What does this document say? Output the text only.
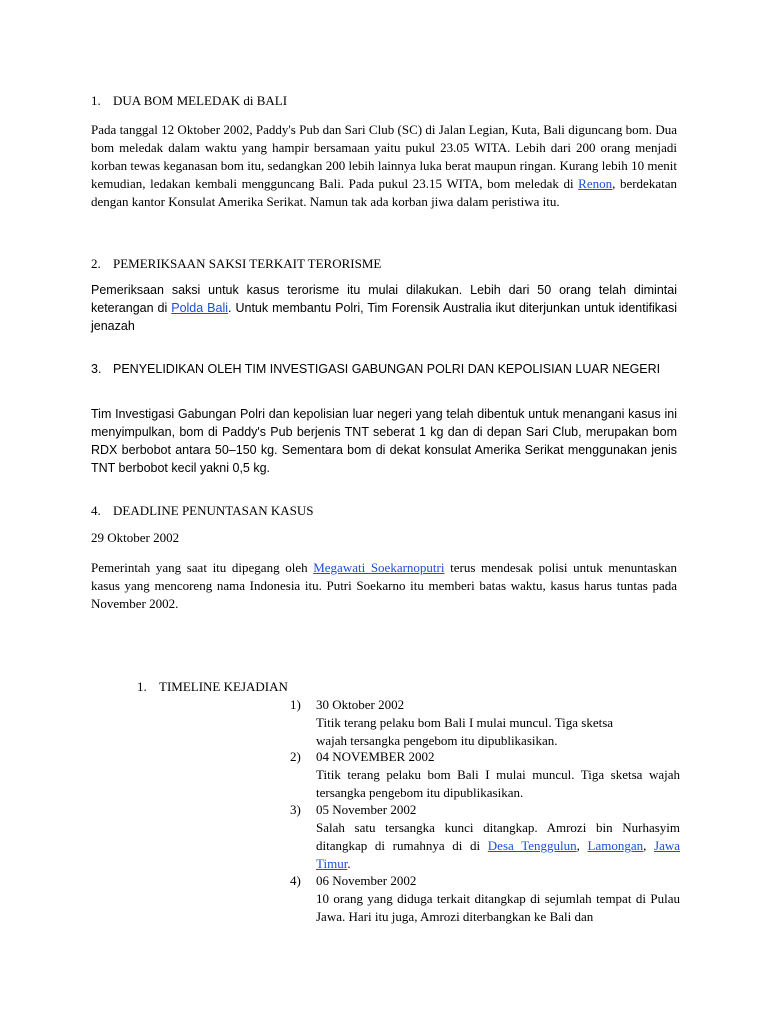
1. DUA BOM MELEDAK di BALI

Pada tanggal 12 Oktober 2002, Paddy's Pub dan Sari Club (SC) di Jalan Legian, Kuta, Bali diguncang bom. Dua bom meledak dalam waktu yang hampir bersamaan yaitu pukul 23.05 WITA. Lebih dari 200 orang menjadi korban tewas keganasan bom itu, sedangkan 200 lebih lainnya luka berat maupun ringan. Kurang lebih 10 menit kemudian, ledakan kembali mengguncang Bali. Pada pukul 23.15 WITA, bom meledak di Renon, berdekatan dengan kantor Konsulat Amerika Serikat. Namun tak ada korban jiwa dalam peristiwa itu.

2. PEMERIKSAAN SAKSI TERKAIT TERORISME

Pemeriksaan saksi untuk kasus terorisme itu mulai dilakukan. Lebih dari 50 orang telah dimintai keterangan di Polda Bali. Untuk membantu Polri, Tim Forensik Australia ikut diterjunkan untuk identifikasi jenazah

3. PENYELIDIKAN OLEH TIM INVESTIGASI GABUNGAN POLRI DAN KEPOLISIAN LUAR NEGERI

Tim Investigasi Gabungan Polri dan kepolisian luar negeri yang telah dibentuk untuk menangani kasus ini menyimpulkan, bom di Paddy's Pub berjenis TNT seberat 1 kg dan di depan Sari Club, merupakan bom RDX berbobot antara 50–150 kg. Sementara bom di dekat konsulat Amerika Serikat menggunakan jenis TNT berbobot kecil yakni 0,5 kg.

4. DEADLINE PENUNTASAN KASUS
29 Oktober 2002

Pemerintah yang saat itu dipegang oleh Megawati Soekarnoputri terus mendesak polisi untuk menuntaskan kasus yang mencoreng nama Indonesia itu. Putri Soekarno itu memberi batas waktu, kasus harus tuntas pada November 2002.

1. TIMELINE KEJADIAN
1)	30 Oktober 2002
Titik terang pelaku bom Bali I mulai muncul. Tiga sketsa wajah tersangka pengebom itu dipublikasikan.
2)	04 NOVEMBER 2002
Titik terang pelaku bom Bali I mulai muncul. Tiga sketsa wajah tersangka pengebom itu dipublikasikan.
3)	05 November 2002
Salah satu tersangka kunci ditangkap. Amrozi bin Nurhasyim ditangkap di rumahnya di di Desa Tenggulun, Lamongan, Jawa Timur.
4)	06 November 2002
10 orang yang diduga terkait ditangkap di sejumlah tempat di Pulau Jawa. Hari itu juga, Amrozi diterbangkan ke Bali dan
